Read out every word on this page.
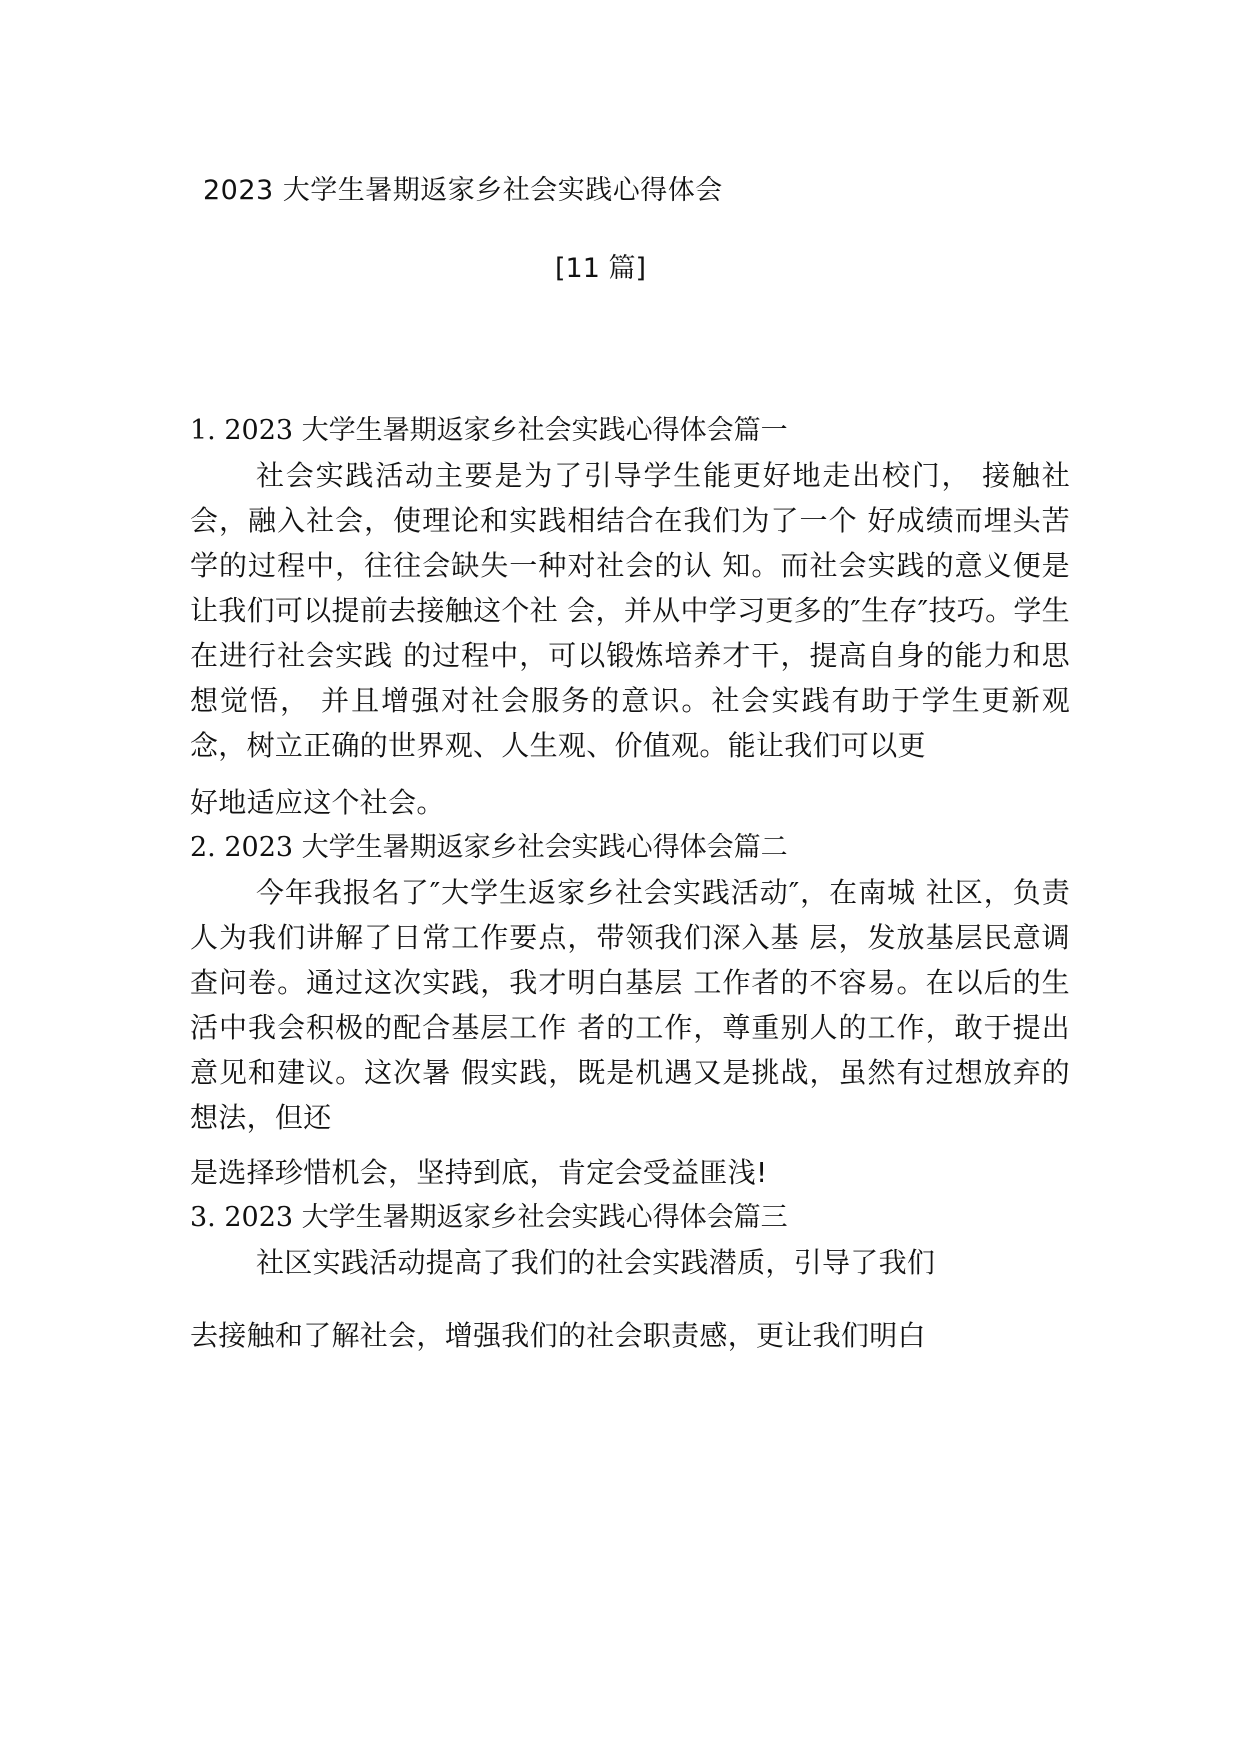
2023 大学生暑期返家乡社会实践心得体会
[11 篇]
1. 2023 大学生暑期返家乡社会实践心得体会篇一
社会实践活动主要是为了引导学生能更好地走出校门， 接触社会，融入社会，使理论和实践相结合在我们为了一个 好成绩而埋头苦学的过程中，往往会缺失一种对社会的认 知。而社会实践的意义便是让我们可以提前去接触这个社 会，并从中学习更多的″生存″技巧。学生在进行社会实践 的过程中，可以锻炼培养才干，提高自身的能力和思想觉悟， 并且增强对社会服务的意识。社会实践有助于学生更新观 念，树立正确的世界观、人生观、价值观。能让我们可以更
好地适应这个社会。
2. 2023 大学生暑期返家乡社会实践心得体会篇二
今年我报名了″大学生返家乡社会实践活动″，在南城 社区，负责人为我们讲解了日常工作要点，带领我们深入基 层，发放基层民意调查问卷。通过这次实践，我才明白基层 工作者的不容易。在以后的生活中我会积极的配合基层工作 者的工作，尊重别人的工作，敢于提出意见和建议。这次暑 假实践，既是机遇又是挑战，虽然有过想放弃的想法，但还
是选择珍惜机会，坚持到底，肯定会受益匪浅!
3. 2023 大学生暑期返家乡社会实践心得体会篇三
社区实践活动提高了我们的社会实践潜质，引导了我们
去接触和了解社会，增强我们的社会职责感，更让我们明白
